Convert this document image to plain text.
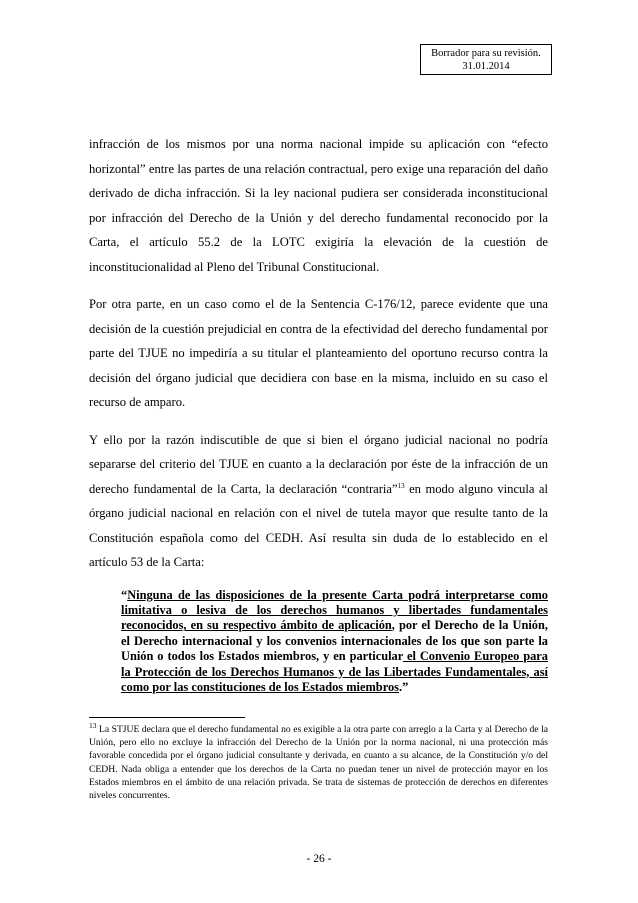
Borrador para su revisión.
31.01.2014

infracción de los mismos por una norma nacional impide su aplicación con “efecto horizontal” entre las partes de una relación contractual, pero exige una reparación del daño derivado de dicha infracción. Si la ley nacional pudiera ser considerada inconstitucional por infracción del Derecho de la Unión y del derecho fundamental reconocido por la Carta, el artículo 55.2 de la LOTC exigiría la elevación de la cuestión de inconstitucionalidad al Pleno del Tribunal Constitucional.

Por otra parte, en un caso como el de la Sentencia C-176/12, parece evidente que una decisión de la cuestión prejudicial en contra de la efectividad del derecho fundamental por parte del TJUE no impediría a su titular el planteamiento del oportuno recurso contra la decisión del órgano judicial que decidiera con base en la misma, incluido en su caso el recurso de amparo.

Y ello por la razón indiscutible de que si bien el órgano judicial nacional no podría separarse del criterio del TJUE en cuanto a la declaración por éste de la infracción de un derecho fundamental de la Carta, la declaración “contraria”$^{13}$ en modo alguno vincula al órgano judicial nacional en relación con el nivel de tutela mayor que resulte tanto de la Constitución española como del CEDH. Así resulta sin duda de lo establecido en el artículo 53 de la Carta:

“Ninguna de las disposiciones de la presente Carta podrá interpretarse como limitativa o lesiva de los derechos humanos y libertades fundamentales reconocidos, en su respectivo ámbito de aplicación, por el Derecho de la Unión, el Derecho internacional y los convenios internacionales de los que son parte la Unión o todos los Estados miembros, y en particular el Convenio Europeo para la Protección de los Derechos Humanos y de las Libertades Fundamentales, así como por las constituciones de los Estados miembros.”

$^{13}$ La STJUE declara que el derecho fundamental no es exigible a la otra parte con arreglo a la Carta y al Derecho de la Unión, pero ello no excluye la infracción del Derecho de la Unión por la norma nacional, ni una protección más favorable concedida por el órgano judicial consultante y derivada, en cuanto a su alcance, de la Constitución y/o del CEDH. Nada obliga a entender que los derechos de la Carta no puedan tener un nivel de protección mayor en los Estados miembros en el ámbito de una relación privada. Se trata de sistemas de protección de derechos en diferentes niveles concurrentes.
- 26 -
